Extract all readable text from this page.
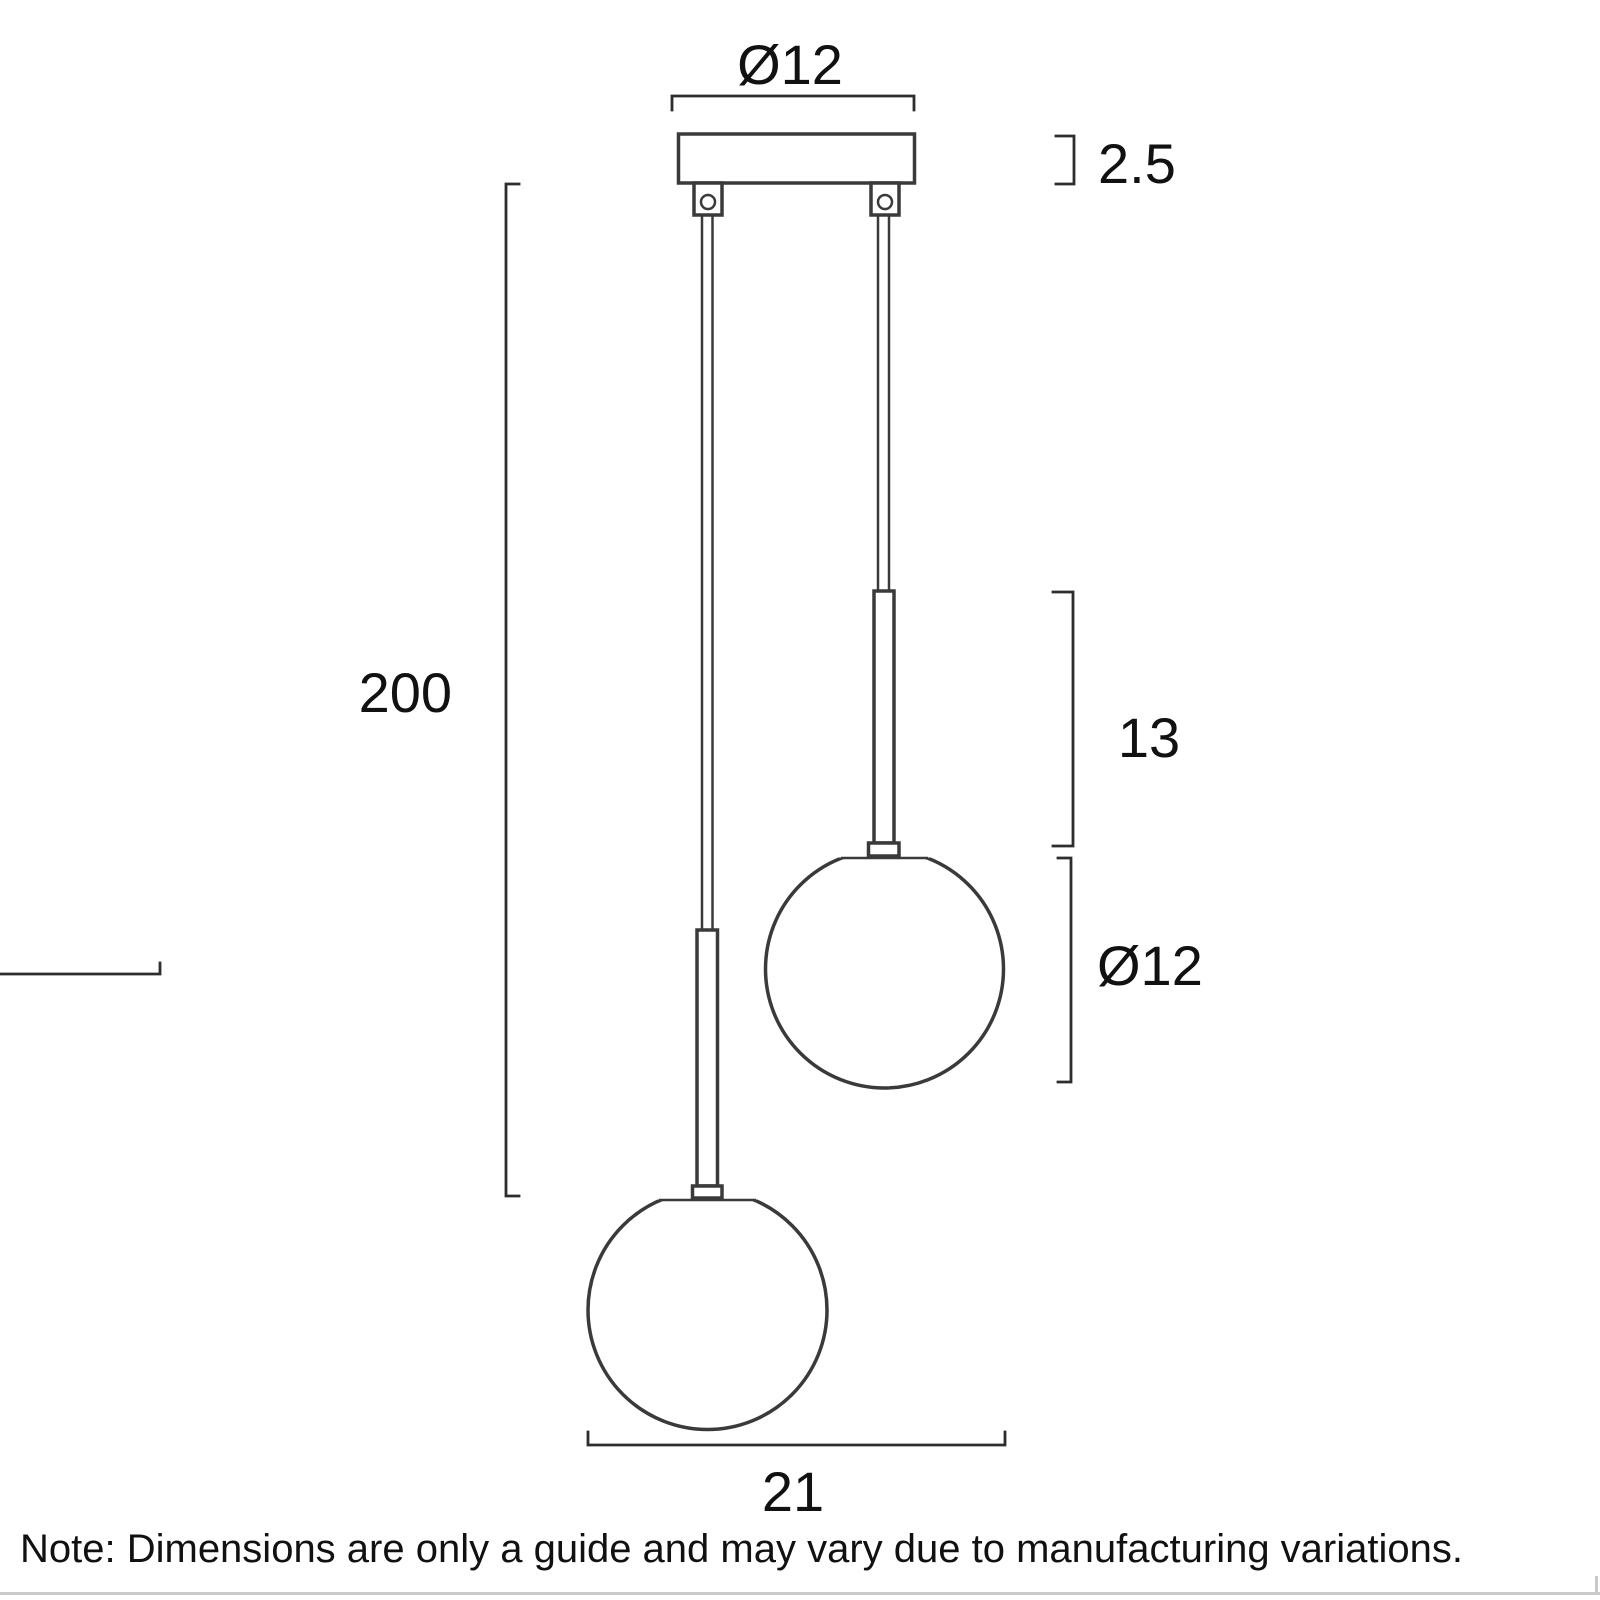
Ø12
2.5
200
13
Ø12
21
Note: Dimensions are only a guide and may vary due to manufacturing variations.
